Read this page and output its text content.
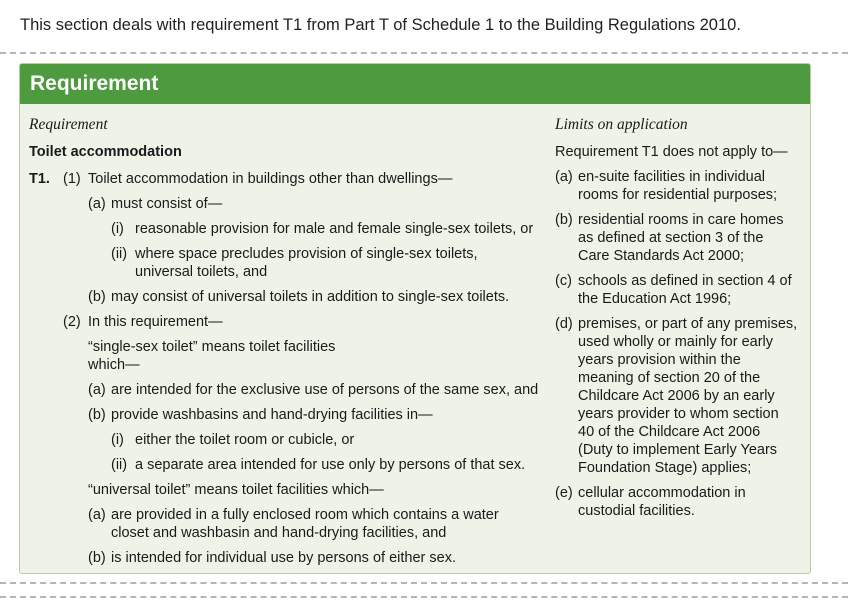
This section deals with requirement T1 from Part T of Schedule 1 to the Building Regulations 2010.
Requirement
Requirement
Toilet accommodation
T1. (1) Toilet accommodation in buildings other than dwellings—
(a) must consist of—
(i) reasonable provision for male and female single-sex toilets, or
(ii) where space precludes provision of single-sex toilets,
universal toilets, and
(b) may consist of universal toilets in addition to single-sex toilets.
(2) In this requirement—
“single-sex toilet” means toilet facilities
which—
(a) are intended for the exclusive use of persons of the same sex, and
(b) provide washbasins and hand-drying facilities in—
(i) either the toilet room or cubicle, or
(ii) a separate area intended for use only by persons of that sex.
“universal toilet” means toilet facilities which—
(a) are provided in a fully enclosed room which contains a water
closet and washbasin and hand-drying facilities, and
(b) is intended for individual use by persons of either sex.
Limits on application
Requirement T1 does not apply to—
(a) en-suite facilities in individual
rooms for residential purposes;
(b) residential rooms in care homes
as defined at section 3 of the
Care Standards Act 2000;
(c) schools as defined in section 4 of
the Education Act 1996;
(d) premises, or part of any premises,
used wholly or mainly for early
years provision within the
meaning of section 20 of the
Childcare Act 2006 by an early
years provider to whom section
40 of the Childcare Act 2006
(Duty to implement Early Years
Foundation Stage) applies;
(e) cellular accommodation in
custodial facilities.
